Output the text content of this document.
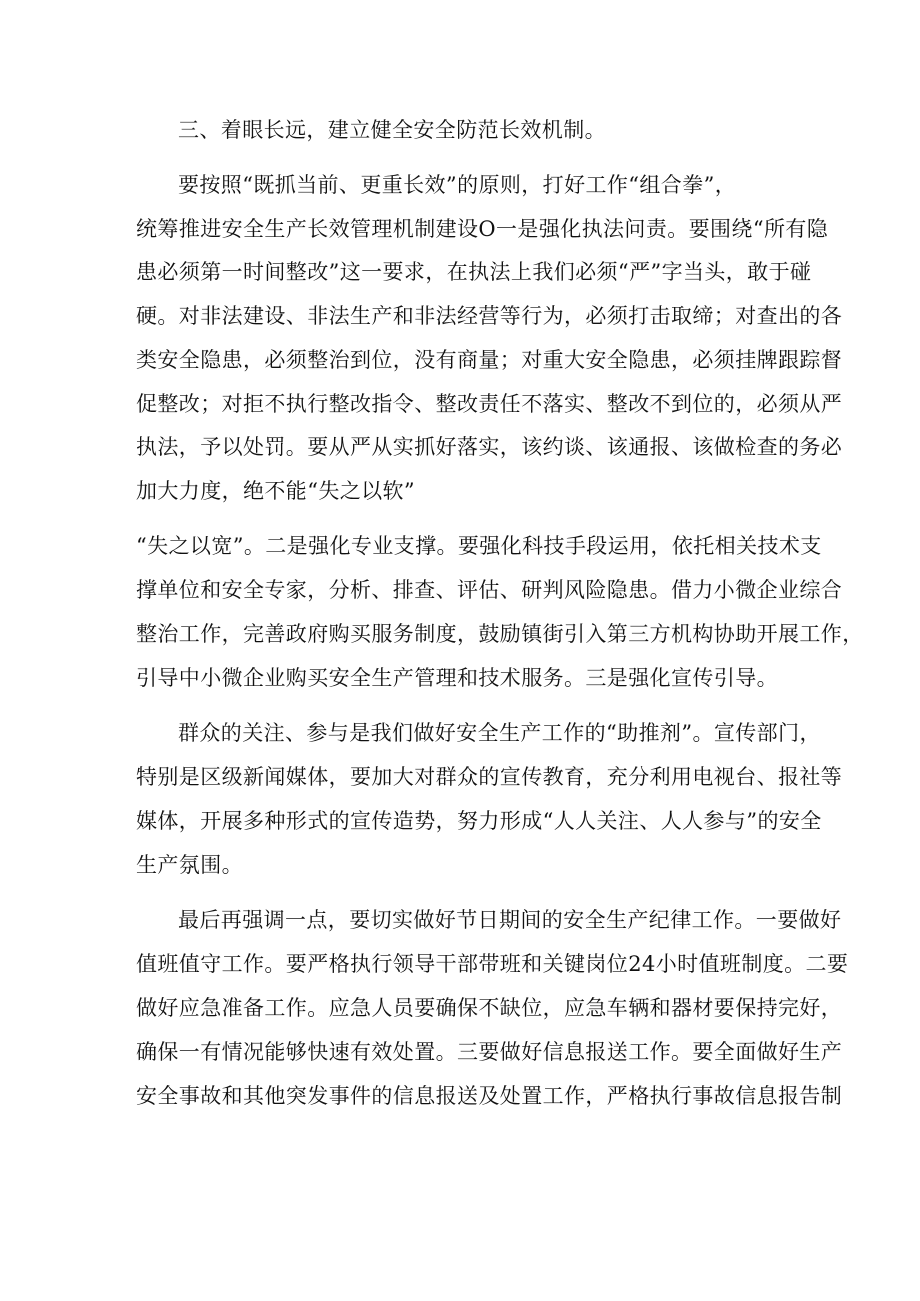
三、着眼长远，建立健全安全防范长效机制。
要按照“既抓当前、更重长效”的原则，打好工作“组合拳”，
统筹推进安全生产长效管理机制建设O一是强化执法问责。要围绕“所有隐
患必须第一时间整改”这一要求，在执法上我们必须“严”字当头，敢于碰
硬。对非法建设、非法生产和非法经营等行为，必须打击取缔；对查出的各
类安全隐患，必须整治到位，没有商量；对重大安全隐患，必须挂牌跟踪督
促整改；对拒不执行整改指令、整改责任不落实、整改不到位的，必须从严
执法，予以处罚。要从严从实抓好落实，该约谈、该通报、该做检查的务必
加大力度，绝不能“失之以软”
“失之以宽”。二是强化专业支撑。要强化科技手段运用，依托相关技术支
撑单位和安全专家，分析、排查、评估、研判风险隐患。借力小微企业综合
整治工作，完善政府购买服务制度，鼓励镇街引入第三方机构协助开展工作，
引导中小微企业购买安全生产管理和技术服务。三是强化宣传引导。
群众的关注、参与是我们做好安全生产工作的“助推剂”。宣传部门，
特别是区级新闻媒体，要加大对群众的宣传教育，充分利用电视台、报社等
媒体，开展多种形式的宣传造势，努力形成“人人关注、人人参与”的安全
生产氛围。
最后再强调一点，要切实做好节日期间的安全生产纪律工作。一要做好
值班值守工作。要严格执行领导干部带班和关键岗位24小时值班制度。二要
做好应急准备工作。应急人员要确保不缺位，应急车辆和器材要保持完好，
确保一有情况能够快速有效处置。三要做好信息报送工作。要全面做好生产
安全事故和其他突发事件的信息报送及处置工作，严格执行事故信息报告制
